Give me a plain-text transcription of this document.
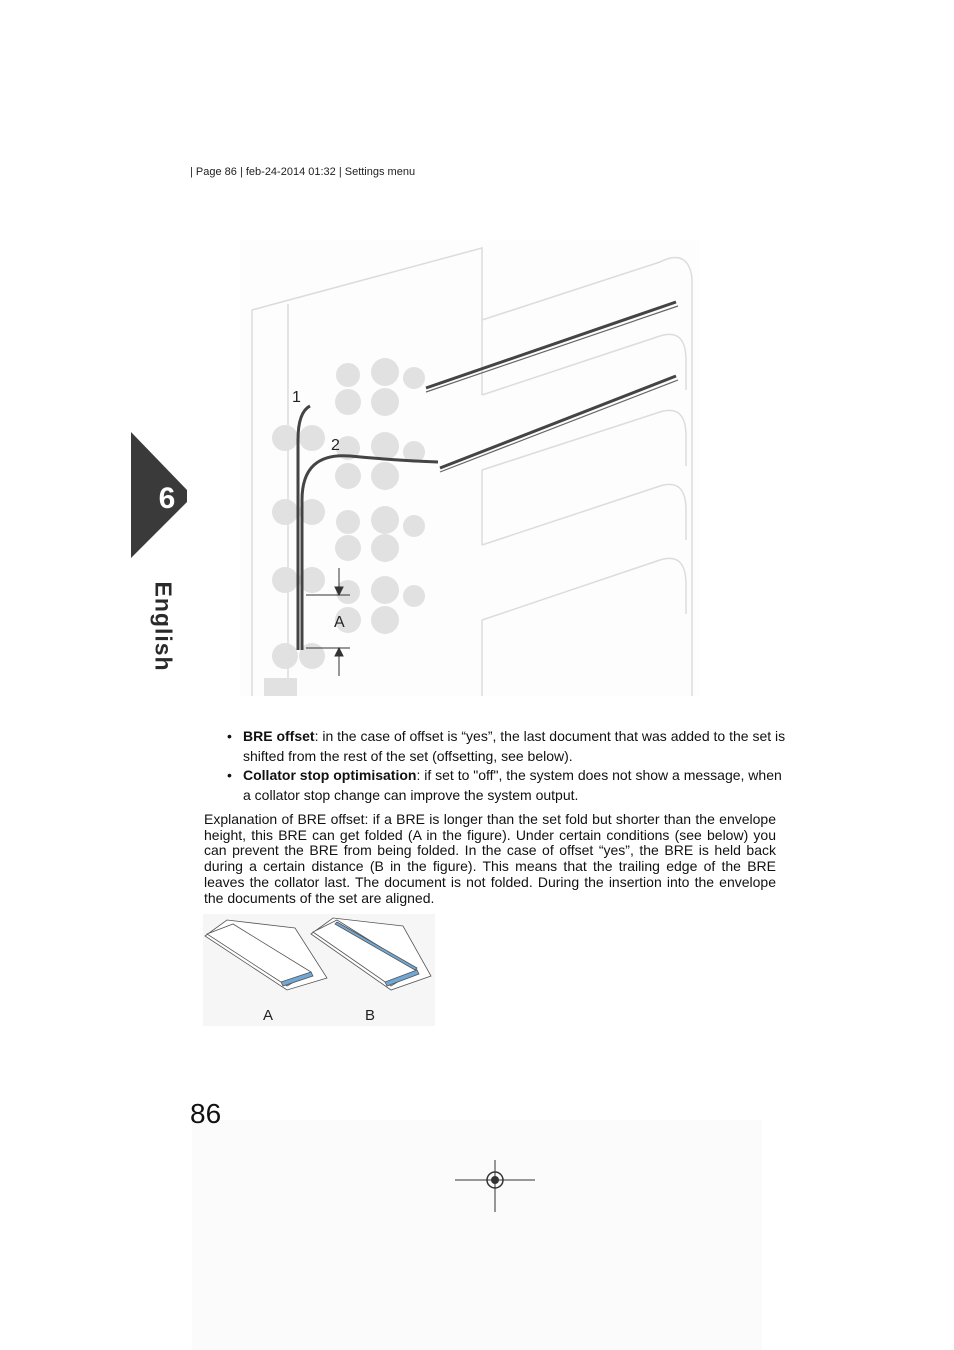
| Page 86 | feb-24-2014 01:32 | Settings menu
6
English
1
2
A
• BRE offset: in the case of offset is “yes”, the last document that was added to the set is shifted from the rest of the set (offsetting, see below).
• Collator stop optimisation: if set to "off", the system does not show a message, when a collator stop change can improve the system output.
Explanation of BRE offset: if a BRE is longer than the set fold but shorter than the envelope height, this BRE can get folded (A in the figure). Under certain conditions (see below) you can prevent the BRE from being folded. In the case of offset “yes”, the BRE is held back during a certain distance (B in the figure). This means that the trailing edge of the BRE leaves the collator last. The document is not folded. During the insertion into the envelope the documents of the set are aligned.
A	B
86
